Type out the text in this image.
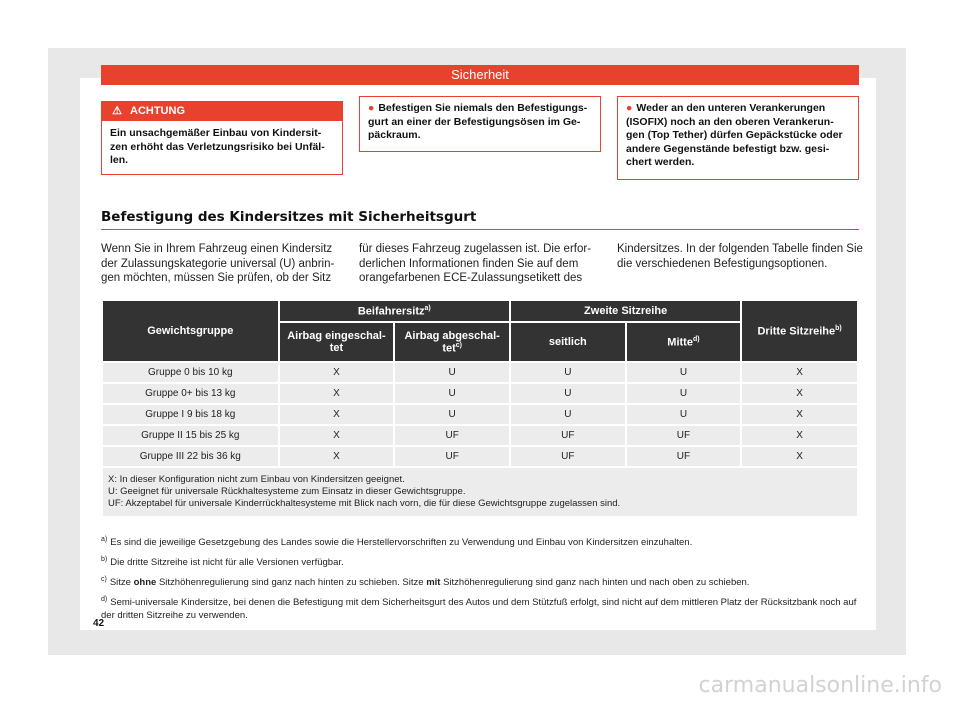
Sicherheit
⚠ ACHTUNG
Ein unsachgemäßer Einbau von Kindersit-zen erhöht das Verletzungsrisiko bei Unfäl-len.
● Befestigen Sie niemals den Befestigungs-gurt an einer der Befestigungsösen im Ge-päckraum.
● Weder an den unteren Verankerungen (ISOFIX) noch an den oberen Verankerun-gen (Top Tether) dürfen Gepäckstücke oder andere Gegenstände befestigt bzw. gesi-chert werden.
Befestigung des Kindersitzes mit Sicherheitsgurt
Wenn Sie in Ihrem Fahrzeug einen Kindersitz der Zulassungskategorie universal (U) anbrin-gen möchten, müssen Sie prüfen, ob der Sitz
für dieses Fahrzeug zugelassen ist. Die erfor-derlichen Informationen finden Sie auf dem orangefarbenen ECE-Zulassungsetikett des
Kindersitzes. In der folgenden Tabelle finden Sie die verschiedenen Befestigungsoptionen.
Gewichtsgruppe	Beifahrersitz$^{a)}$		Zweite Sitzreihe		Dritte Sitzreihe$^{b)}$
	Airbag eingeschal-tet	Airbag abgeschal-tet$^{c)}$	seitlich	Mitte$^{d)}$
Gruppe 0 bis 10 kg	X	U	U	U	X
Gruppe 0+ bis 13 kg	X	U	U	U	X
Gruppe I 9 bis 18 kg	X	U	U	U	X
Gruppe II 15 bis 25 kg	X	UF	UF	UF	X
Gruppe III 22 bis 36 kg	X	UF	UF	UF	X

X: In dieser Konfiguration nicht zum Einbau von Kindersitzen geeignet.
U: Geeignet für universale Rückhaltesysteme zum Einsatz in dieser Gewichtsgruppe.
UF: Akzeptabel für universale Kinderrückhaltesysteme mit Blick nach vorn, die für diese Gewichtsgruppe zugelassen sind.					
$^{a)}$ Es sind die jeweilige Gesetzgebung des Landes sowie die Herstellervorschriften zu Verwendung und Einbau von Kindersitzen einzuhalten.
$^{b)}$ Die dritte Sitzreihe ist nicht für alle Versionen verfügbar.
$^{c)}$ Sitze ohne Sitzhöhenregulierung sind ganz nach hinten zu schieben. Sitze mit Sitzhöhenregulierung sind ganz nach hinten und nach oben zu schieben.
$^{d)}$ Semi-universale Kindersitze, bei denen die Befestigung mit dem Sicherheitsgurt des Autos und dem Stützfuß erfolgt, sind nicht auf dem mittleren Platz der Rücksitzbank noch auf der dritten Sitzreihe zu verwenden.
42
carmanualsonline.info
